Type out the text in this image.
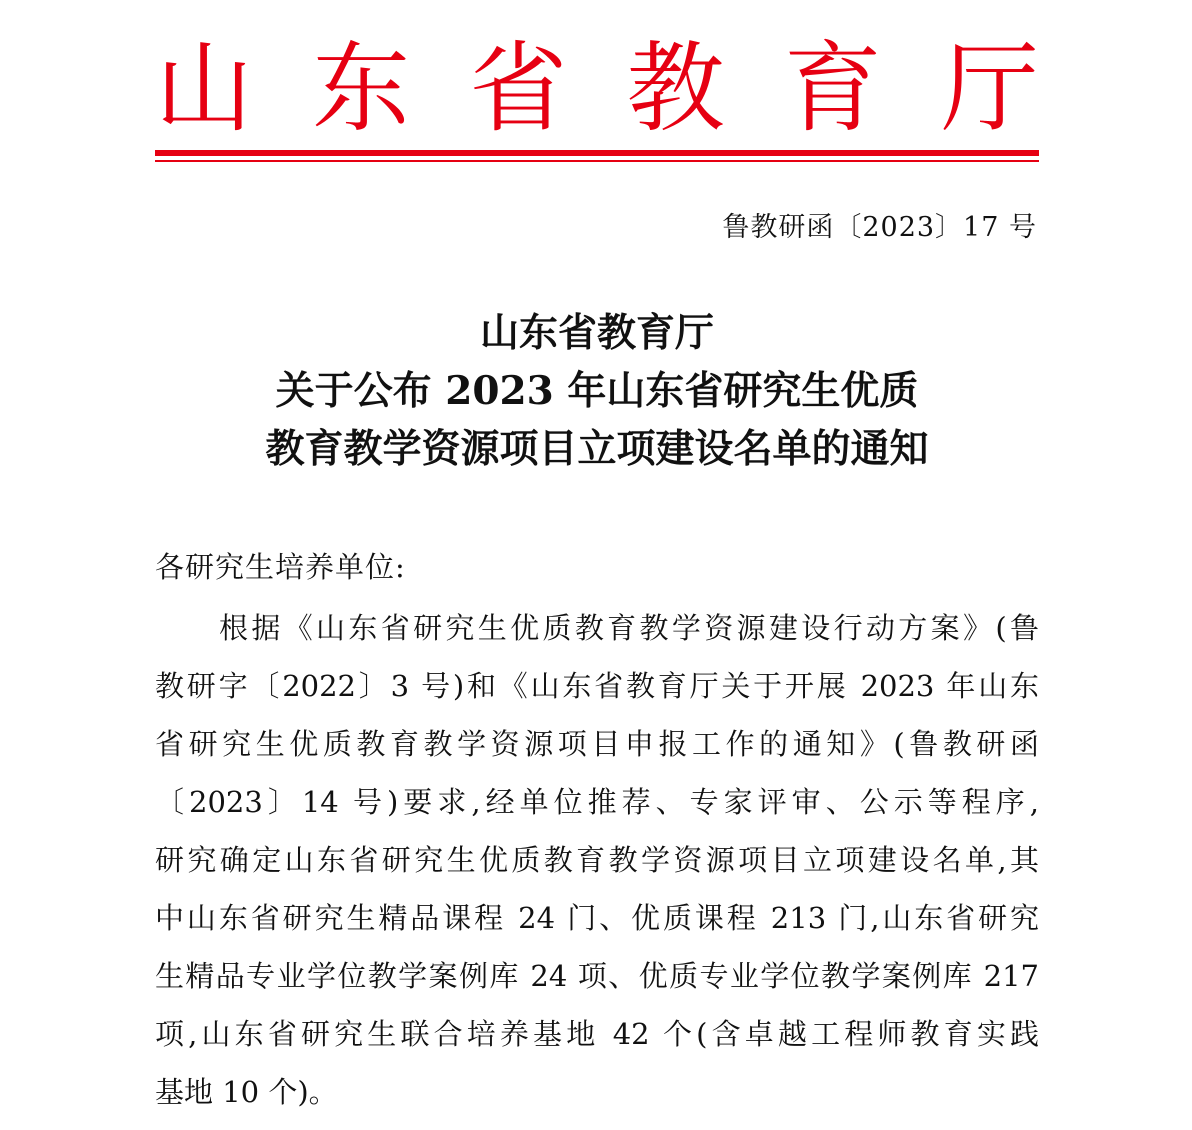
山 东 省 教 育 厅
鲁教研函〔2023〕17 号
山东省教育厅
关于公布 2023 年山东省研究生优质
教育教学资源项目立项建设名单的通知
各研究生培养单位:
根据《山东省研究生优质教育教学资源建设行动方案》(鲁
教研字〔2022〕3 号)和《山东省教育厅关于开展 2023 年山东
省研究生优质教育教学资源项目申报工作的通知》(鲁教研函
〔2023〕14 号)要求,经单位推荐、专家评审、公示等程序,
研究确定山东省研究生优质教育教学资源项目立项建设名单,其
中山东省研究生精品课程 24 门、优质课程 213 门,山东省研究
生精品专业学位教学案例库 24 项、优质专业学位教学案例库 217
项,山东省研究生联合培养基地 42 个(含卓越工程师教育实践
基地 10 个)。
